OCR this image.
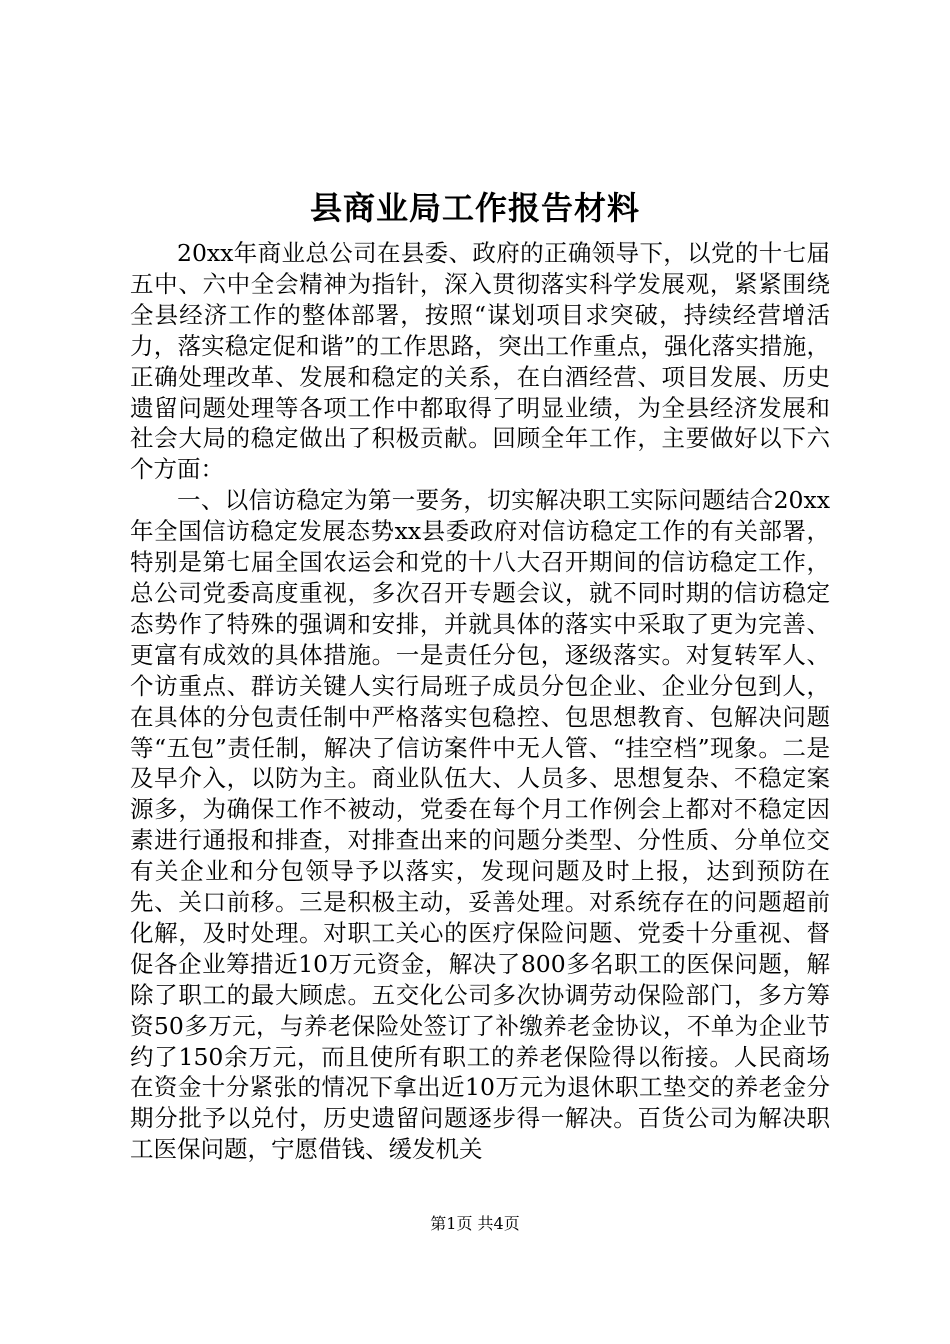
县商业局工作报告材料

20xx年商业总公司在县委、政府的正确领导下，以党的十七届五中、六中全会精神为指针，深入贯彻落实科学发展观，紧紧围绕全县经济工作的整体部署，按照“谋划项目求突破，持续经营增活力，落实稳定促和谐”的工作思路，突出工作重点，强化落实措施，正确处理改革、发展和稳定的关系，在白酒经营、项目发展、历史遗留问题处理等各项工作中都取得了明显业绩，为全县经济发展和社会大局的稳定做出了积极贡献。回顾全年工作，主要做好以下六个方面：

一、以信访稳定为第一要务，切实解决职工实际问题结合20xx年全国信访稳定发展态势xx县委政府对信访稳定工作的有关部署，特别是第七届全国农运会和党的十八大召开期间的信访稳定工作，总公司党委高度重视，多次召开专题会议，就不同时期的信访稳定态势作了特殊的强调和安排，并就具体的落实中采取了更为完善、更富有成效的具体措施。一是责任分包，逐级落实。对复转军人、个访重点、群访关键人实行局班子成员分包企业、企业分包到人，在具体的分包责任制中严格落实包稳控、包思想教育、包解决问题等“五包”责任制，解决了信访案件中无人管、“挂空档”现象。二是及早介入，以防为主。商业队伍大、人员多、思想复杂、不稳定案源多，为确保工作不被动，党委在每个月工作例会上都对不稳定因素进行通报和排查，对排查出来的问题分类型、分性质、分单位交有关企业和分包领导予以落实，发现问题及时上报，达到预防在先、关口前移。三是积极主动，妥善处理。对系统存在的问题超前化解，及时处理。对职工关心的医疗保险问题、党委十分重视、督促各企业筹措近10万元资金，解决了800多名职工的医保问题，解除了职工的最大顾虑。五交化公司多次协调劳动保险部门，多方筹资50多万元，与养老保险处签订了补缴养老金协议，不单为企业节约了150余万元，而且使所有职工的养老保险得以衔接。人民商场在资金十分紧张的情况下拿出近10万元为退休职工垫交的养老金分期分批予以兑付，历史遗留问题逐步得一解决。百货公司为解决职工医保问题，宁愿借钱、缓发机关

第1页 共4页
